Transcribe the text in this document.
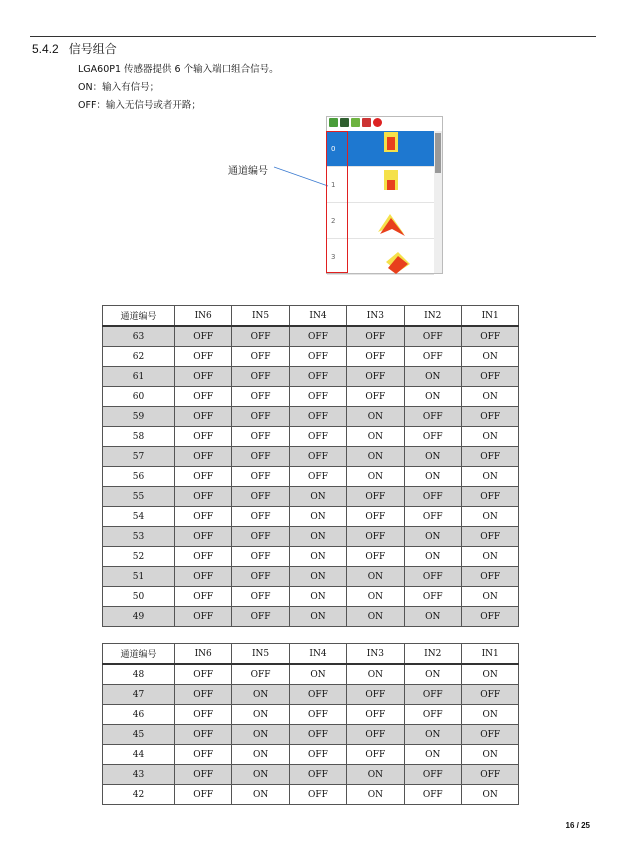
5.4.2 信号组合
LGA60P1 传感器提供 6 个输入端口组合信号。
ON：输入有信号；
OFF：输入无信号或者开路；
0
1
2
3
通道编号
通道编号	IN6	IN5	IN4	IN3	IN2	IN1
63	OFF	OFF	OFF	OFF	OFF	OFF
62	OFF	OFF	OFF	OFF	OFF	ON
61	OFF	OFF	OFF	OFF	ON	OFF
60	OFF	OFF	OFF	OFF	ON	ON
59	OFF	OFF	OFF	ON	OFF	OFF
58	OFF	OFF	OFF	ON	OFF	ON
57	OFF	OFF	OFF	ON	ON	OFF
56	OFF	OFF	OFF	ON	ON	ON
55	OFF	OFF	ON	OFF	OFF	OFF
54	OFF	OFF	ON	OFF	OFF	ON
53	OFF	OFF	ON	OFF	ON	OFF
52	OFF	OFF	ON	OFF	ON	ON
51	OFF	OFF	ON	ON	OFF	OFF
50	OFF	OFF	ON	ON	OFF	ON
49	OFF	OFF	ON	ON	ON	OFF
通道编号	IN6	IN5	IN4	IN3	IN2	IN1
48	OFF	OFF	ON	ON	ON	ON
47	OFF	ON	OFF	OFF	OFF	OFF
46	OFF	ON	OFF	OFF	OFF	ON
45	OFF	ON	OFF	OFF	ON	OFF
44	OFF	ON	OFF	OFF	ON	ON
43	OFF	ON	OFF	ON	OFF	OFF
42	OFF	ON	OFF	ON	OFF	ON
16 / 25
